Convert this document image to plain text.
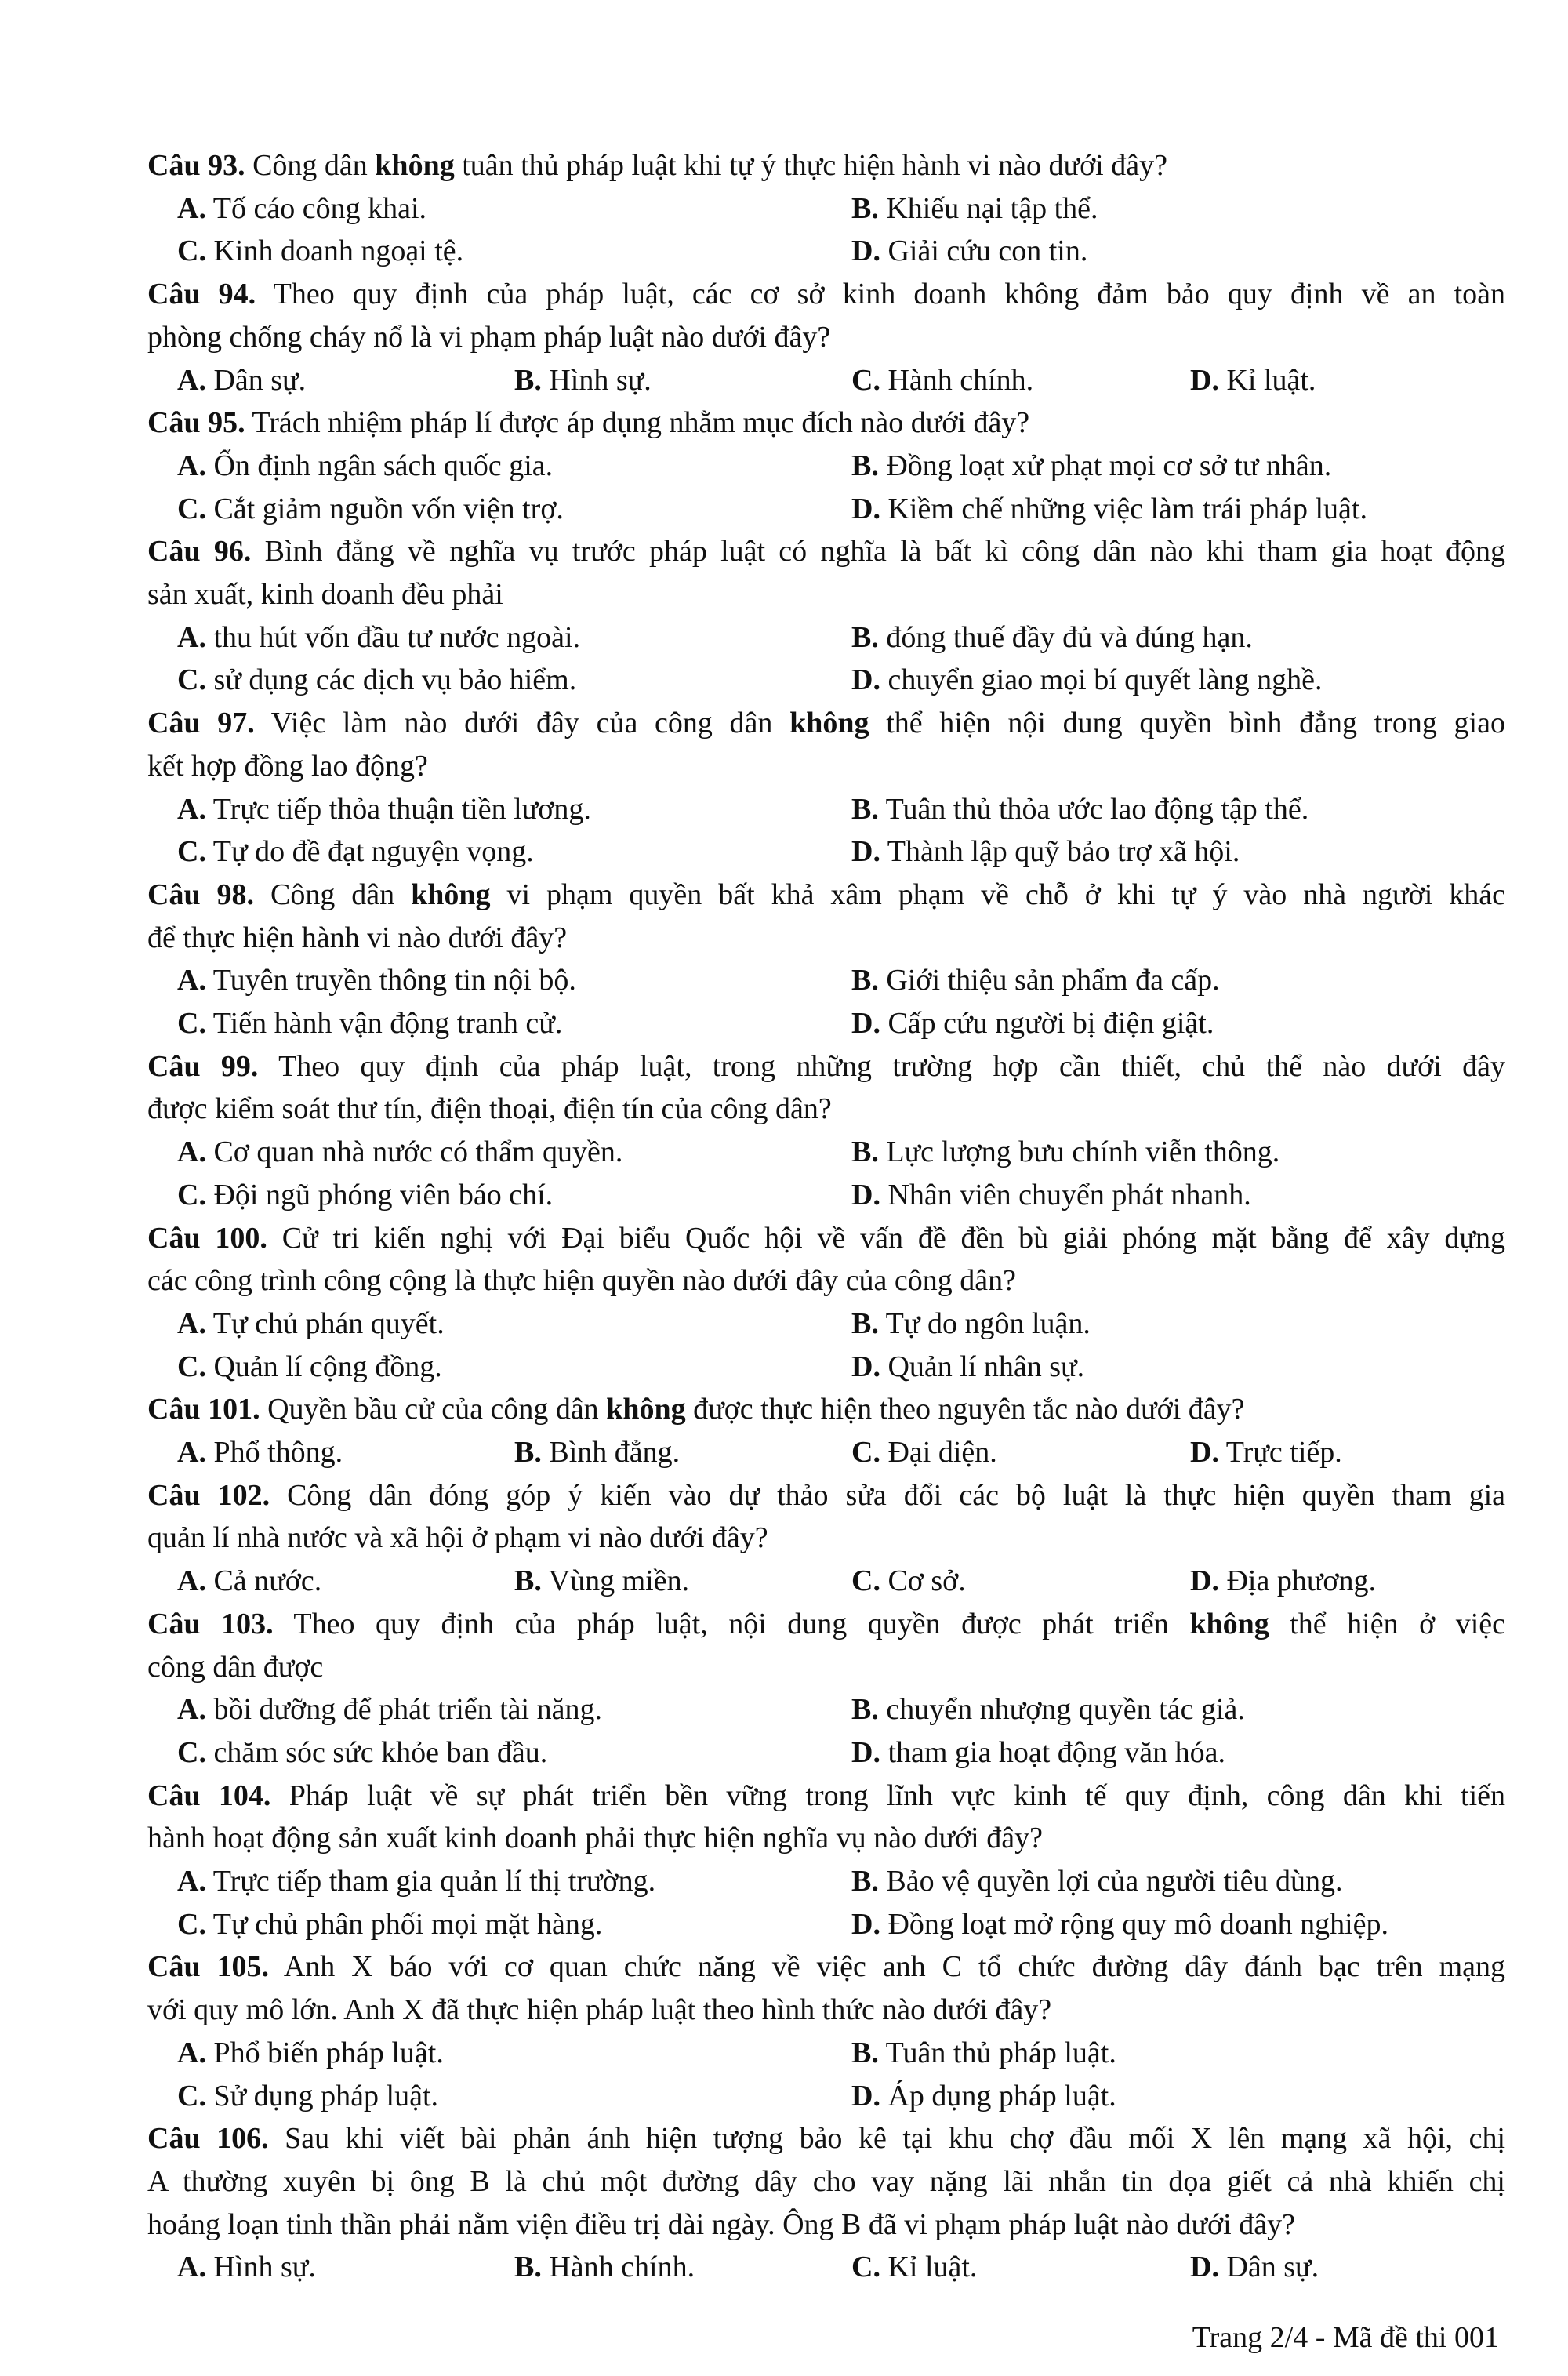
Câu 93. Công dân không tuân thủ pháp luật khi tự ý thực hiện hành vi nào dưới đây?
A. Tố cáo công khai.	B. Khiếu nại tập thể.
C. Kinh doanh ngoại tệ.	D. Giải cứu con tin.
Câu 94. Theo quy định của pháp luật, các cơ sở kinh doanh không đảm bảo quy định về an toàn
phòng chống cháy nổ là vi phạm pháp luật nào dưới đây?
A. Dân sự.	B. Hình sự.	C. Hành chính.	D. Kỉ luật.
Câu 95. Trách nhiệm pháp lí được áp dụng nhằm mục đích nào dưới đây?
A. Ổn định ngân sách quốc gia.	B. Đồng loạt xử phạt mọi cơ sở tư nhân.
C. Cắt giảm nguồn vốn viện trợ.	D. Kiềm chế những việc làm trái pháp luật.
Câu 96. Bình đẳng về nghĩa vụ trước pháp luật có nghĩa là bất kì công dân nào khi tham gia hoạt động
sản xuất, kinh doanh đều phải
A. thu hút vốn đầu tư nước ngoài.	B. đóng thuế đầy đủ và đúng hạn.
C. sử dụng các dịch vụ bảo hiểm.	D. chuyển giao mọi bí quyết làng nghề.
Câu 97. Việc làm nào dưới đây của công dân không thể hiện nội dung quyền bình đẳng trong giao
kết hợp đồng lao động?
A. Trực tiếp thỏa thuận tiền lương.	B. Tuân thủ thỏa ước lao động tập thể.
C. Tự do đề đạt nguyện vọng.	D. Thành lập quỹ bảo trợ xã hội.
Câu 98. Công dân không vi phạm quyền bất khả xâm phạm về chỗ ở khi tự ý vào nhà người khác
để thực hiện hành vi nào dưới đây?
A. Tuyên truyền thông tin nội bộ.	B. Giới thiệu sản phẩm đa cấp.
C. Tiến hành vận động tranh cử.	D. Cấp cứu người bị điện giật.
Câu 99. Theo quy định của pháp luật, trong những trường hợp cần thiết, chủ thể nào dưới đây
được kiểm soát thư tín, điện thoại, điện tín của công dân?
A. Cơ quan nhà nước có thẩm quyền.	B. Lực lượng bưu chính viễn thông.
C. Đội ngũ phóng viên báo chí.	D. Nhân viên chuyển phát nhanh.
Câu 100. Cử tri kiến nghị với Đại biểu Quốc hội về vấn đề đền bù giải phóng mặt bằng để xây dựng
các công trình công cộng là thực hiện quyền nào dưới đây của công dân?
A. Tự chủ phán quyết.	B. Tự do ngôn luận.
C. Quản lí cộng đồng.	D. Quản lí nhân sự.
Câu 101. Quyền bầu cử của công dân không được thực hiện theo nguyên tắc nào dưới đây?
A. Phổ thông.	B. Bình đẳng.	C. Đại diện.	D. Trực tiếp.
Câu 102. Công dân đóng góp ý kiến vào dự thảo sửa đổi các bộ luật là thực hiện quyền tham gia
quản lí nhà nước và xã hội ở phạm vi nào dưới đây?
A. Cả nước.	B. Vùng miền.	C. Cơ sở.	D. Địa phương.
Câu 103. Theo quy định của pháp luật, nội dung quyền được phát triển không thể hiện ở việc
công dân được
A. bồi dưỡng để phát triển tài năng.	B. chuyển nhượng quyền tác giả.
C. chăm sóc sức khỏe ban đầu.	D. tham gia hoạt động văn hóa.
Câu 104. Pháp luật về sự phát triển bền vững trong lĩnh vực kinh tế quy định, công dân khi tiến
hành hoạt động sản xuất kinh doanh phải thực hiện nghĩa vụ nào dưới đây?
A. Trực tiếp tham gia quản lí thị trường.	B. Bảo vệ quyền lợi của người tiêu dùng.
C. Tự chủ phân phối mọi mặt hàng.	D. Đồng loạt mở rộng quy mô doanh nghiệp.
Câu 105. Anh X báo với cơ quan chức năng về việc anh C tổ chức đường dây đánh bạc trên mạng
với quy mô lớn. Anh X đã thực hiện pháp luật theo hình thức nào dưới đây?
A. Phổ biến pháp luật.	B. Tuân thủ pháp luật.
C. Sử dụng pháp luật.	D. Áp dụng pháp luật.
Câu 106. Sau khi viết bài phản ánh hiện tượng bảo kê tại khu chợ đầu mối X lên mạng xã hội, chị
A thường xuyên bị ông B là chủ một đường dây cho vay nặng lãi nhắn tin dọa giết cả nhà khiến chị
hoảng loạn tinh thần phải nằm viện điều trị dài ngày. Ông B đã vi phạm pháp luật nào dưới đây?
A. Hình sự.	B. Hành chính.	C. Kỉ luật.	D. Dân sự.
Trang 2/4 - Mã đề thi 001
